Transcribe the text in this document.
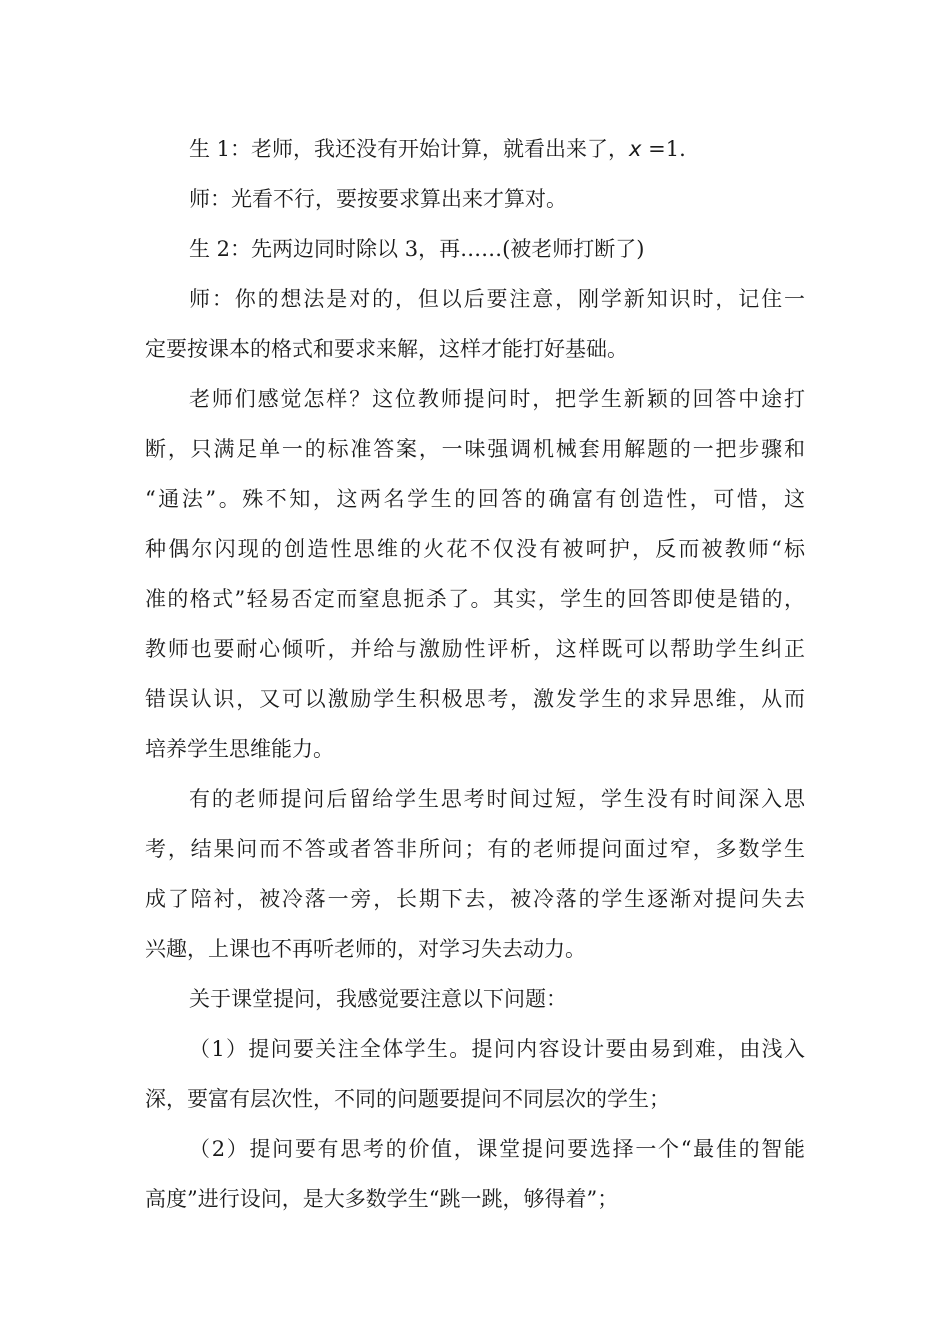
生 1：老师，我还没有开始计算，就看出来了，x =1.
师：光看不行，要按要求算出来才算对。
生 2：先两边同时除以 3，再……(被老师打断了)
师：你的想法是对的，但以后要注意，刚学新知识时，记住一
定要按课本的格式和要求来解，这样才能打好基础。
老师们感觉怎样？这位教师提问时，把学生新颖的回答中途打
断，只满足单一的标准答案，一味强调机械套用解题的一把步骤和
“通法”。殊不知，这两名学生的回答的确富有创造性，可惜，这
种偶尔闪现的创造性思维的火花不仅没有被呵护，反而被教师“标
准的格式”轻易否定而窒息扼杀了。其实，学生的回答即使是错的，
教师也要耐心倾听，并给与激励性评析，这样既可以帮助学生纠正
错误认识，又可以激励学生积极思考，激发学生的求异思维，从而
培养学生思维能力。
有的老师提问后留给学生思考时间过短，学生没有时间深入思
考，结果问而不答或者答非所问；有的老师提问面过窄，多数学生
成了陪衬，被冷落一旁，长期下去，被冷落的学生逐渐对提问失去
兴趣，上课也不再听老师的，对学习失去动力。
关于课堂提问，我感觉要注意以下问题：
（1）提问要关注全体学生。提问内容设计要由易到难，由浅入
深，要富有层次性，不同的问题要提问不同层次的学生；
（2）提问要有思考的价值，课堂提问要选择一个“最佳的智能
高度”进行设问，是大多数学生“跳一跳，够得着”；
